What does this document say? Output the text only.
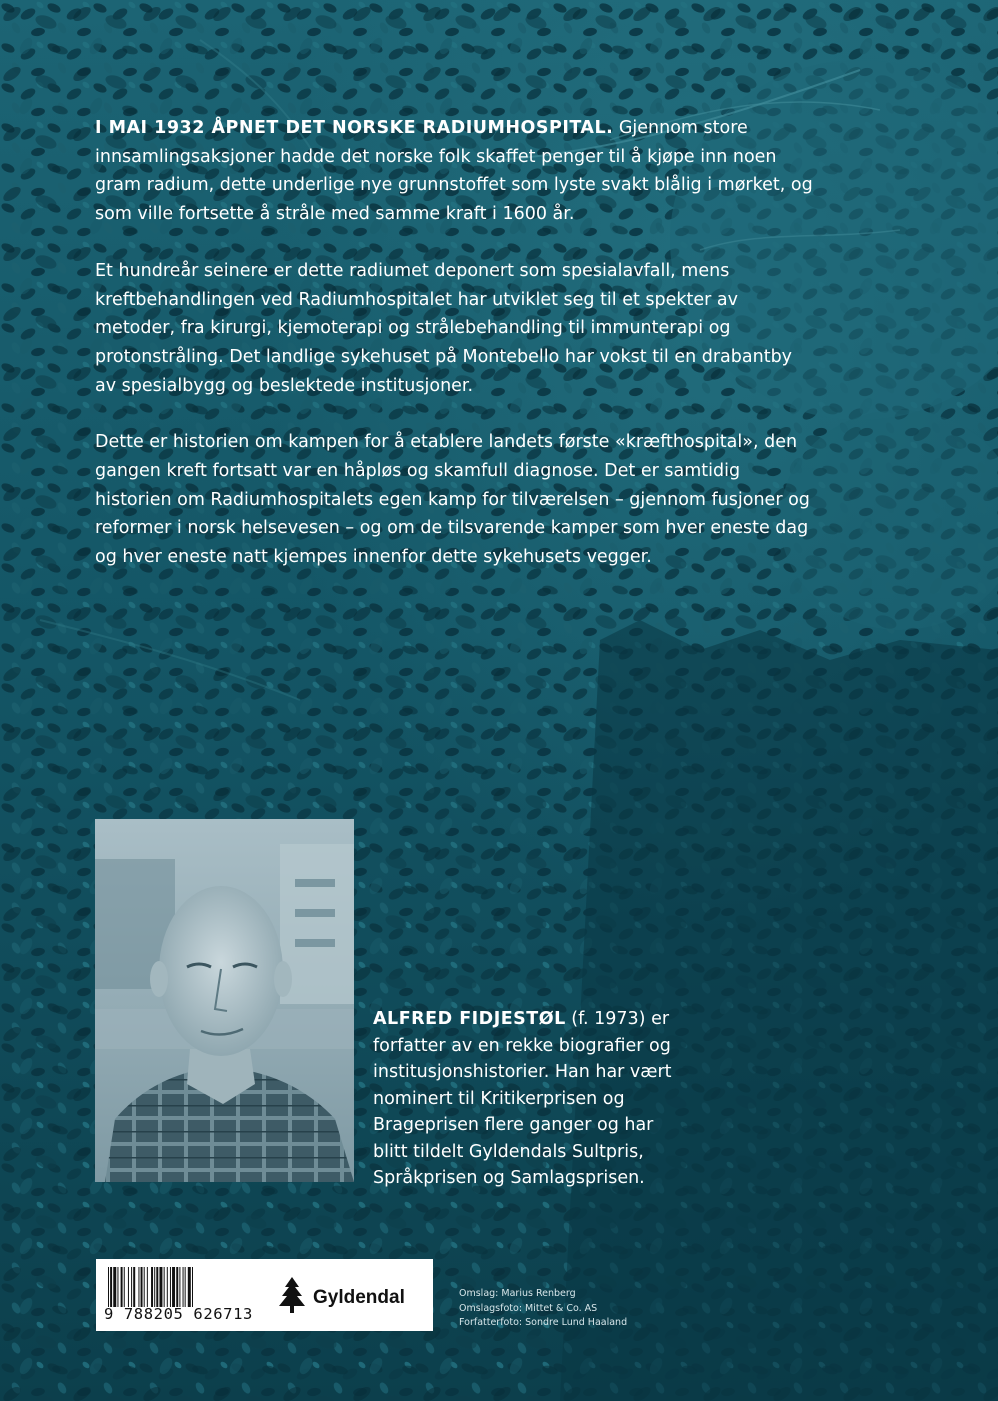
I MAI 1932 ÅPNET DET NORSKE RADIUMHOSPITAL. Gjennom store innsamlingsaksjoner hadde det norske folk skaffet penger til å kjøpe inn noen gram radium, dette underlige nye grunnstoffet som lyste svakt blålig i mørket, og som ville fortsette å stråle med samme kraft i 1600 år.

Et hundreår seinere er dette radiumet deponert som spesialavfall, mens kreftbehandlingen ved Radiumhospitalet har utviklet seg til et spekter av metoder, fra kirurgi, kjemoterapi og strålebehandling til immunterapi og protonstråling. Det landlige sykehuset på Montebello har vokst til en drabantby av spesialbygg og beslektede institusjoner.

Dette er historien om kampen for å etablere landets første «kræfthospital», den gangen kreft fortsatt var en håpløs og skamfull diagnose. Det er samtidig historien om Radiumhospitalets egen kamp for tilværelsen – gjennom fusjoner og reformer i norsk helsevesen – og om de tilsvarende kamper som hver eneste dag og hver eneste natt kjempes innenfor dette sykehusets vegger.

ALFRED FIDJESTØL (f. 1973) er forfatter av en rekke biografier og institusjonshistorier. Han har vært nominert til Kritikerprisen og Brageprisen flere ganger og har blitt tildelt Gyldendals Sultpris, Språkprisen og Samlagsprisen.
9 788205 626713
Gyldendal	Omslag: Marius Renberg
Omslagsfoto: Mittet & Co. AS
Forfatterfoto: Sondre Lund Haaland
